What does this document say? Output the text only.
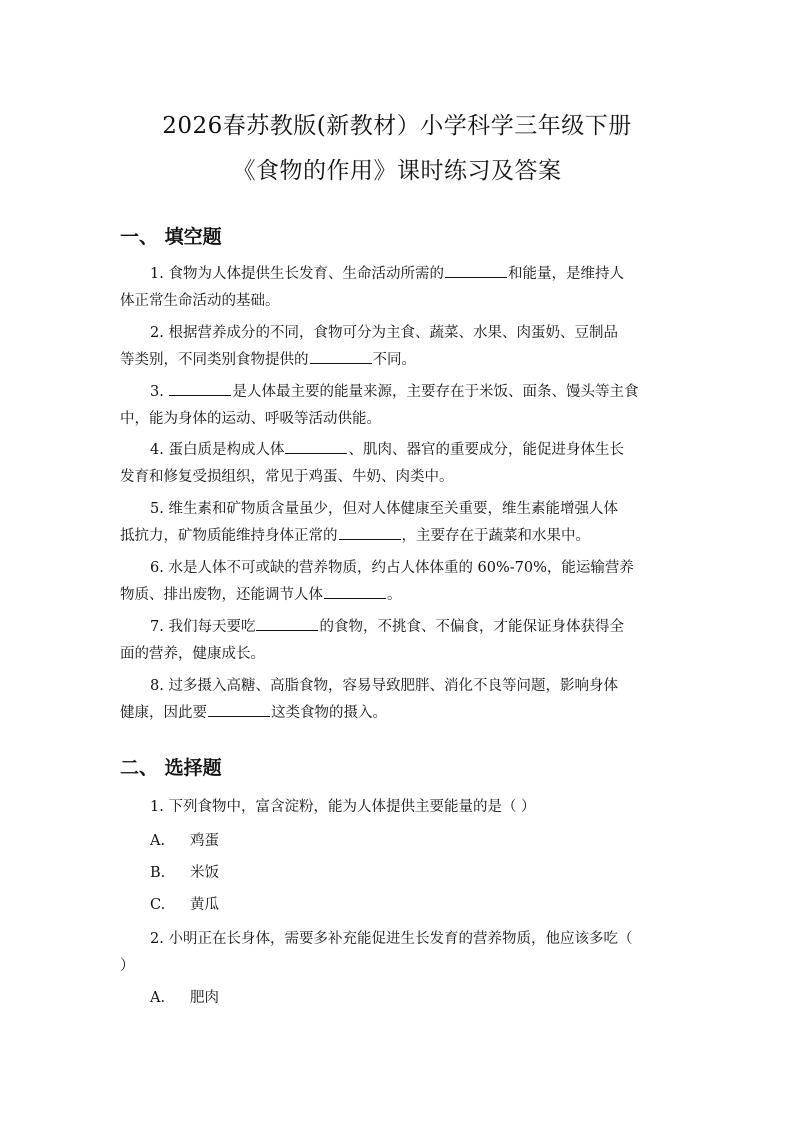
2026春苏教版(新教材）小学科学三年级下册
《食物的作用》课时练习及答案
一、 填空题
1. 食物为人体提供生长发育、生命活动所需的	和能量，是维持人
体正常生命活动的基础。
2. 根据营养成分的不同，食物可分为主食、蔬菜、水果、肉蛋奶、豆制品
等类别，不同类别食物提供的	不同。
3.	是人体最主要的能量来源，主要存在于米饭、面条、馒头等主食
中，能为身体的运动、呼吸等活动供能。
4. 蛋白质是构成人体	、肌肉、器官的重要成分，能促进身体生长
发育和修复受损组织，常见于鸡蛋、牛奶、肉类中。
5. 维生素和矿物质含量虽少，但对人体健康至关重要，维生素能增强人体
抵抗力，矿物质能维持身体正常的	，主要存在于蔬菜和水果中。
6. 水是人体不可或缺的营养物质，约占人体体重的 60%-70%，能运输营养
物质、排出废物，还能调节人体	。
7. 我们每天要吃	的食物，不挑食、不偏食，才能保证身体获得全
面的营养，健康成长。
8. 过多摄入高糖、高脂食物，容易导致肥胖、消化不良等问题，影响身体
健康，因此要	这类食物的摄入。
二、 选择题
1. 下列食物中，富含淀粉，能为人体提供主要能量的是（ ）
A. 鸡蛋
B. 米饭
C. 黄瓜
2. 小明正在长身体，需要多补充能促进生长发育的营养物质，他应该多吃（
）
A. 肥肉
